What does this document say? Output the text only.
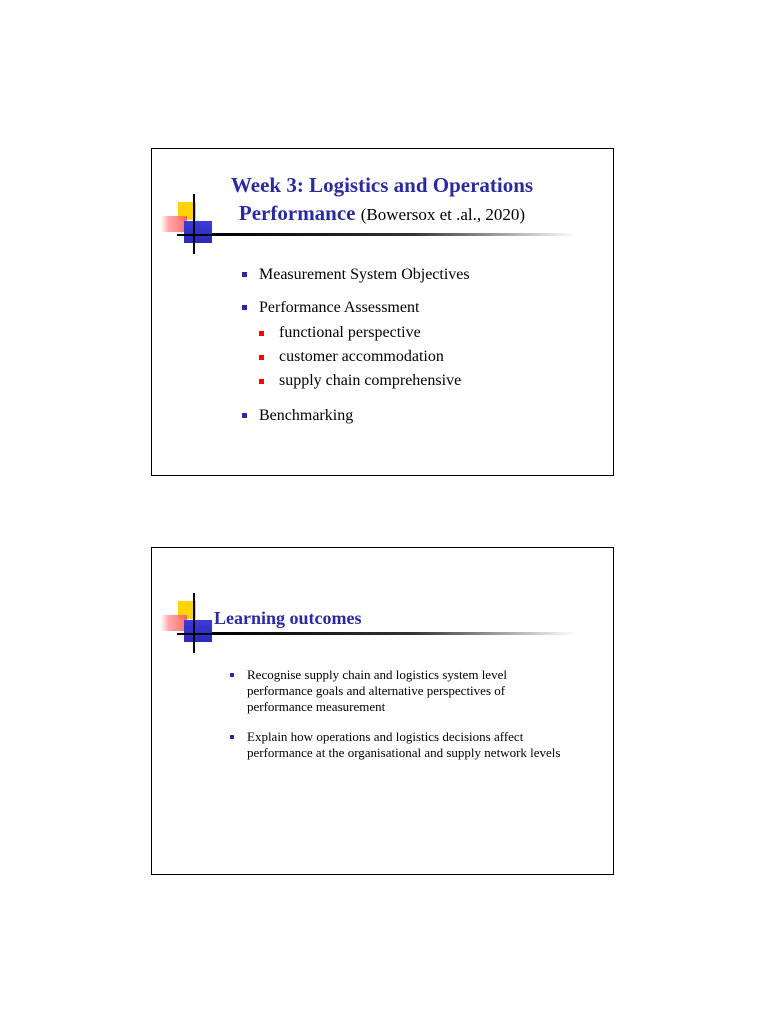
Week 3: Logistics and Operations
Performance (Bowersox et .al., 2020)
Measurement System Objectives
Performance Assessment
functional perspective
customer accommodation
supply chain comprehensive
Benchmarking
Learning outcomes
Recognise supply chain and logistics system level performance goals and alternative perspectives of performance measurement
Explain how operations and logistics decisions affect performance at the organisational and supply network levels
